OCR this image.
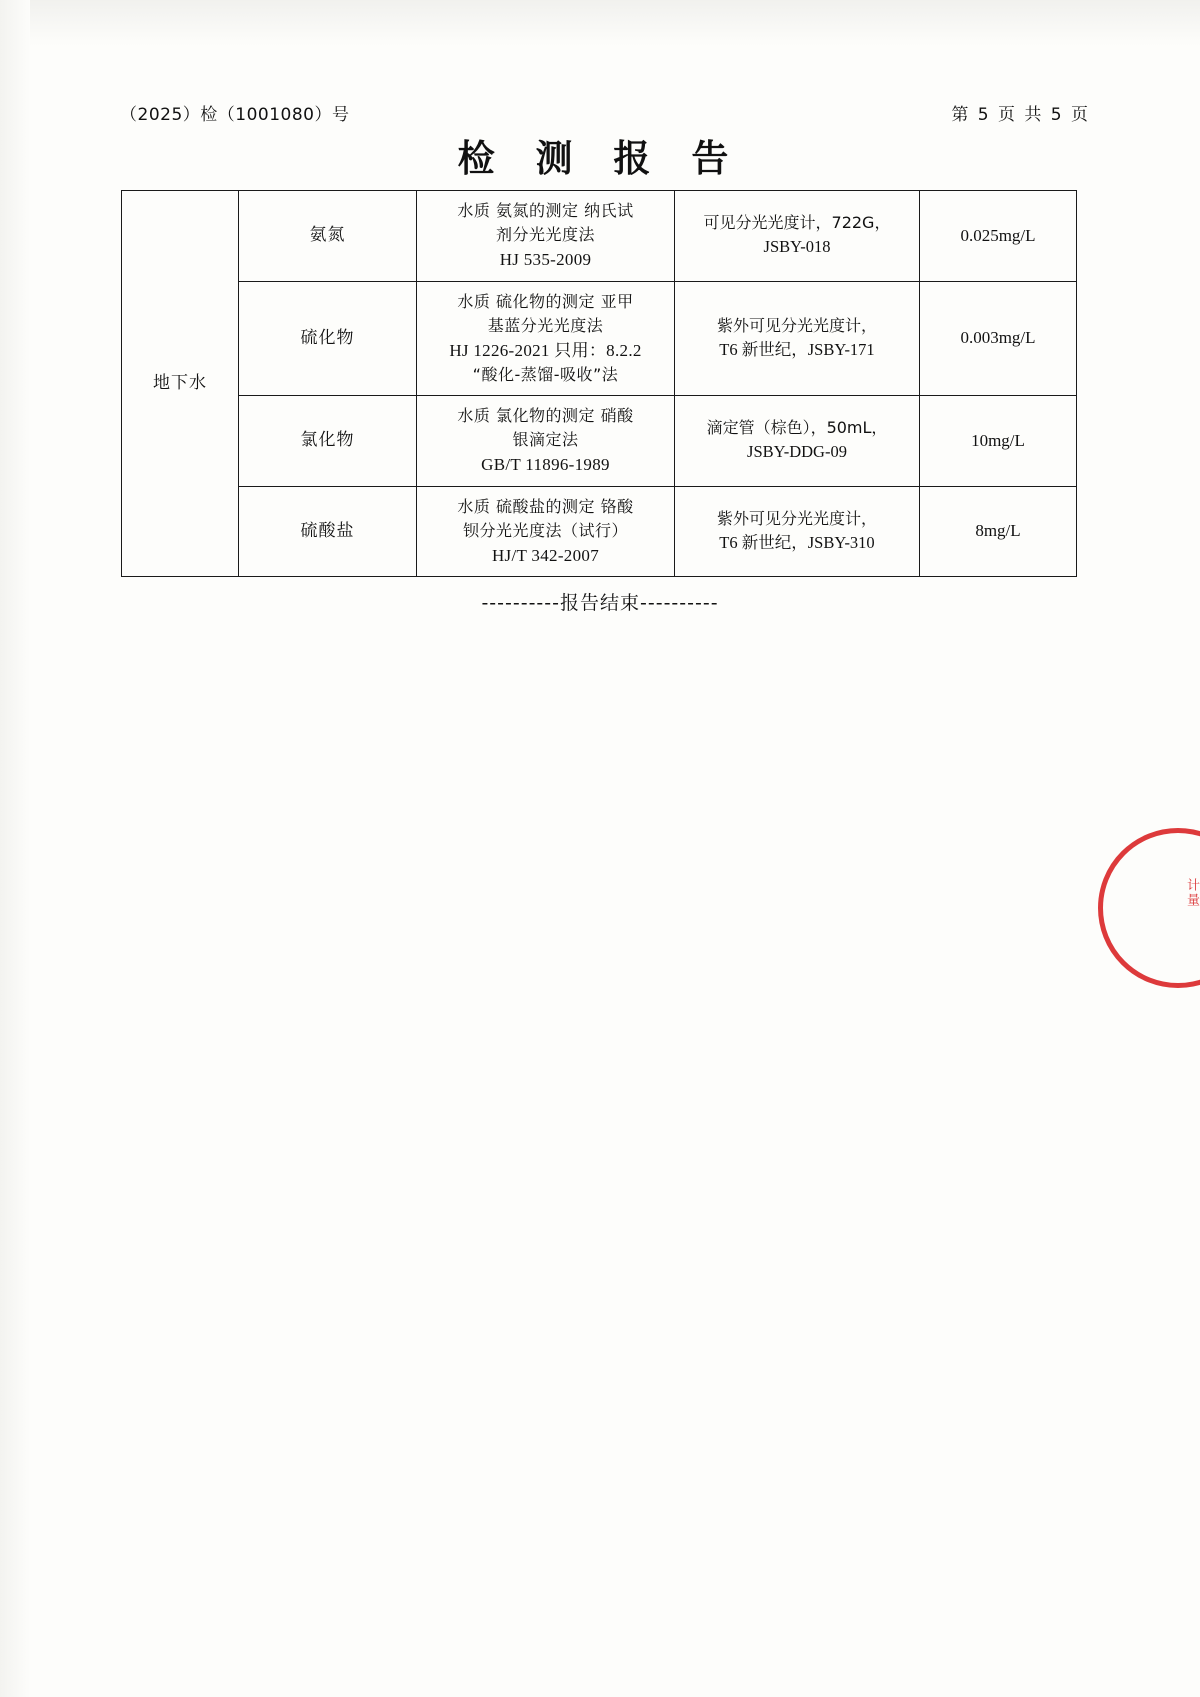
（2025）检（1001080）号	第 5 页 共 5 页
检 测 报 告
地下水	氨氮	水质 氨氮的测定 纳氏试
剂分光光度法
HJ 535-2009	可见分光光度计，722G，
JSBY-018	0.025mg/L
	硫化物	水质 硫化物的测定 亚甲
基蓝分光光度法
HJ 1226-2021 只用：8.2.2
“酸化-蒸馏-吸收”法	紫外可见分光光度计，
T6 新世纪，JSBY-171	0.003mg/L
	氯化物	水质 氯化物的测定 硝酸
银滴定法
GB/T 11896-1989	滴定管（棕色），50mL，
JSBY-DDG-09	10mg/L
	硫酸盐	水质 硫酸盐的测定 铬酸
钡分光光度法（试行）
HJ/T 342-2007	紫外可见分光光度计，
T6 新世纪，JSBY-310	8mg/L
----------报告结束----------
计量
